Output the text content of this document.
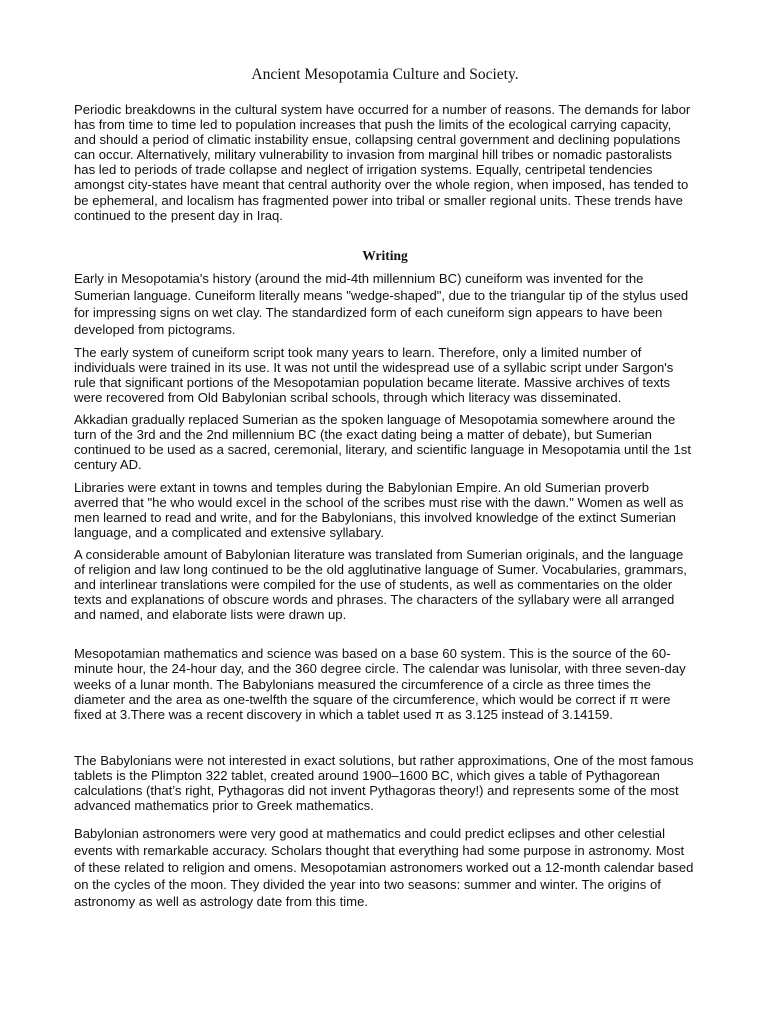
Ancient Mesopotamia Culture and Society.

Periodic breakdowns in the cultural system have occurred for a number of reasons. The demands for labor has from time to time led to population increases that push the limits of the ecological carrying capacity, and should a period of climatic instability ensue, collapsing central government and declining populations can occur. Alternatively, military vulnerability to invasion from marginal hill tribes or nomadic pastoralists has led to periods of trade collapse and neglect of irrigation systems. Equally, centripetal tendencies amongst city-states have meant that central authority over the whole region, when imposed, has tended to be ephemeral, and localism has fragmented power into tribal or smaller regional units. These trends have continued to the present day in Iraq.

Writing

Early in Mesopotamia's history (around the mid-4th millennium BC) cuneiform was invented for the Sumerian language. Cuneiform literally means "wedge-shaped", due to the triangular tip of the stylus used for impressing signs on wet clay. The standardized form of each cuneiform sign appears to have been developed from pictograms.

The early system of cuneiform script took many years to learn. Therefore, only a limited number of individuals were trained in its use. It was not until the widespread use of a syllabic script under Sargon's rule that significant portions of the Mesopotamian population became literate. Massive archives of texts were recovered from Old Babylonian scribal schools, through which literacy was disseminated.

Akkadian gradually replaced Sumerian as the spoken language of Mesopotamia somewhere around the turn of the 3rd and the 2nd millennium BC (the exact dating being a matter of debate), but Sumerian continued to be used as a sacred, ceremonial, literary, and scientific language in Mesopotamia until the 1st century AD.

Libraries were extant in towns and temples during the Babylonian Empire. An old Sumerian proverb averred that "he who would excel in the school of the scribes must rise with the dawn." Women as well as men learned to read and write, and for the Babylonians, this involved knowledge of the extinct Sumerian language, and a complicated and extensive syllabary.

A considerable amount of Babylonian literature was translated from Sumerian originals, and the language of religion and law long continued to be the old agglutinative language of Sumer. Vocabularies, grammars, and interlinear translations were compiled for the use of students, as well as commentaries on the older texts and explanations of obscure words and phrases. The characters of the syllabary were all arranged and named, and elaborate lists were drawn up.

Mesopotamian mathematics and science was based on a base 60 system. This is the source of the 60-minute hour, the 24-hour day, and the 360 degree circle. The calendar was lunisolar, with three seven-day weeks of a lunar month. The Babylonians measured the circumference of a circle as three times the diameter and the area as one-twelfth the square of the circumference, which would be correct if π were fixed at 3.There was a recent discovery in which a tablet used π as 3.125 instead of 3.14159.

The Babylonians were not interested in exact solutions, but rather approximations, One of the most famous tablets is the Plimpton 322 tablet, created around 1900–1600 BC, which gives a table of Pythagorean calculations (that’s right, Pythagoras did not invent Pythagoras theory!) and represents some of the most advanced mathematics prior to Greek mathematics.

Babylonian astronomers were very good at mathematics and could predict eclipses and other celestial events with remarkable accuracy. Scholars thought that everything had some purpose in astronomy. Most of these related to religion and omens. Mesopotamian astronomers worked out a 12-month calendar based on the cycles of the moon. They divided the year into two seasons: summer and winter. The origins of astronomy as well as astrology date from this time.
